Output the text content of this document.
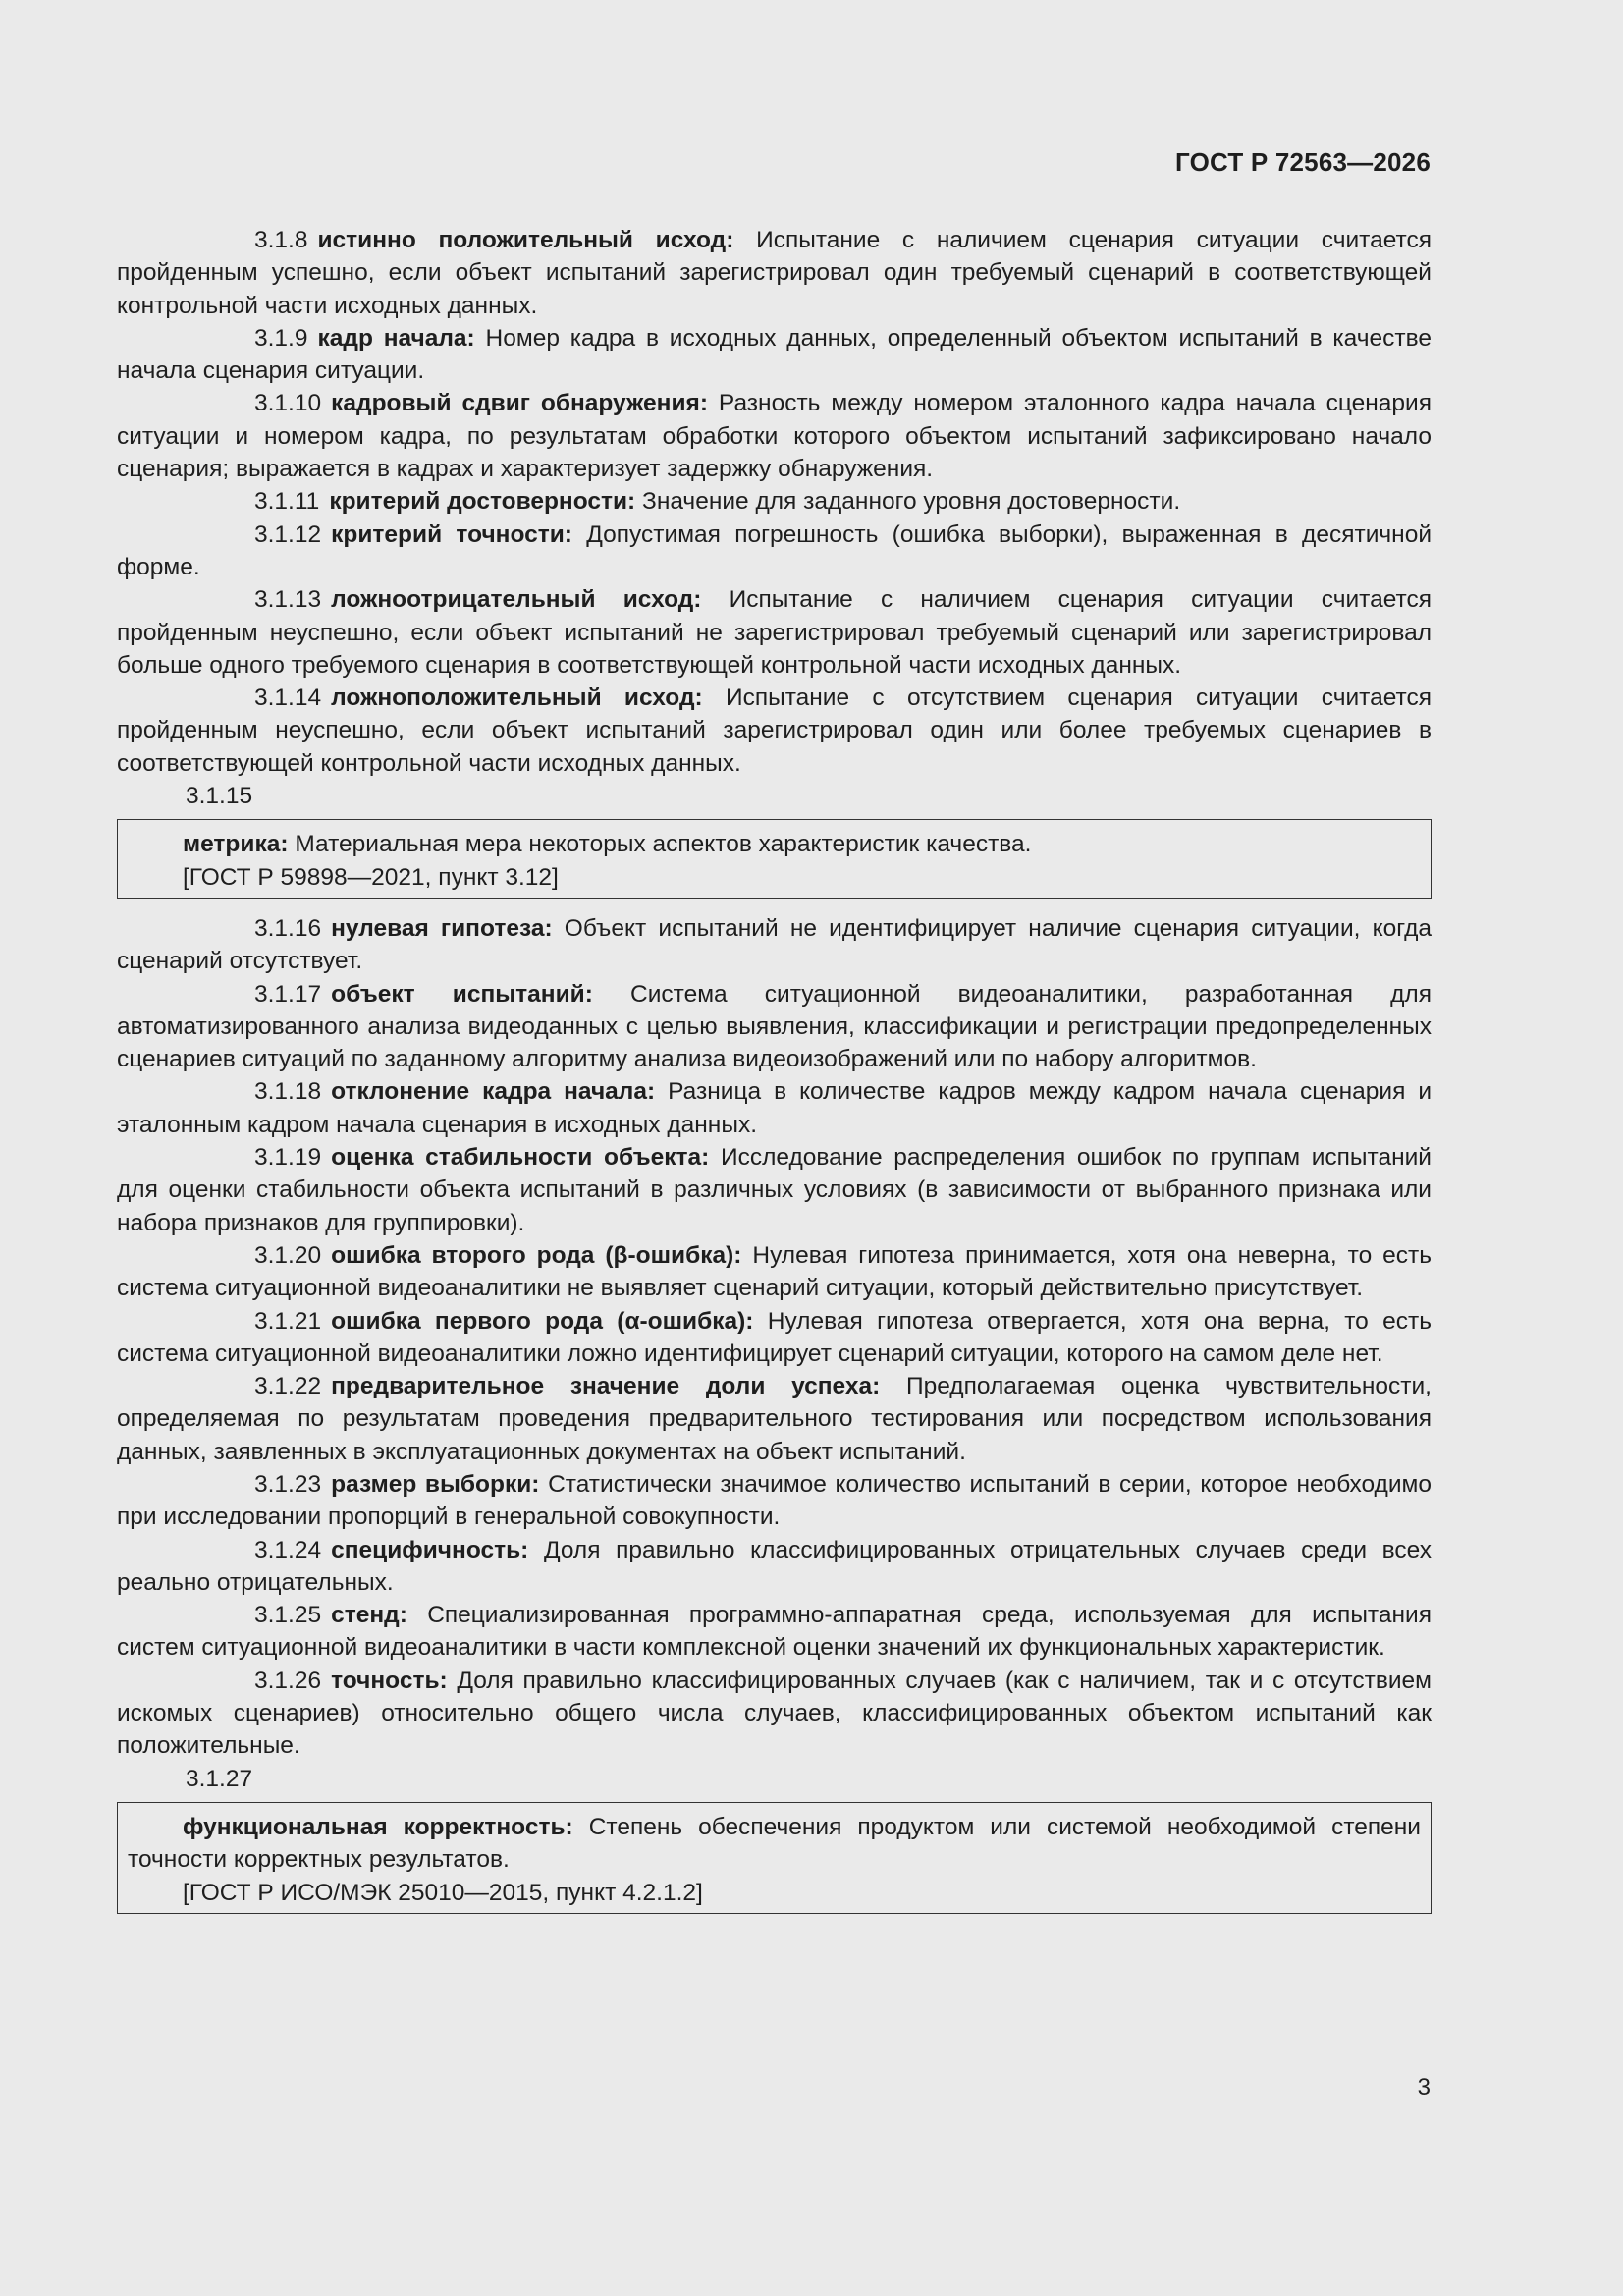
ГОСТ Р 72563—2026

3.1.8 истинно положительный исход: Испытание с наличием сценария ситуации считается пройденным успешно, если объект испытаний зарегистрировал один требуемый сценарий в соответствующей контрольной части исходных данных.

3.1.9 кадр начала: Номер кадра в исходных данных, определенный объектом испытаний в качестве начала сценария ситуации.

3.1.10 кадровый сдвиг обнаружения: Разность между номером эталонного кадра начала сценария ситуации и номером кадра, по результатам обработки которого объектом испытаний зафиксировано начало сценария; выражается в кадрах и характеризует задержку обнаружения.

3.1.11 критерий достоверности: Значение для заданного уровня достоверности.

3.1.12 критерий точности: Допустимая погрешность (ошибка выборки), выраженная в десятичной форме.

3.1.13 ложноотрицательный исход: Испытание с наличием сценария ситуации считается пройденным неуспешно, если объект испытаний не зарегистрировал требуемый сценарий или зарегистрировал больше одного требуемого сценария в соответствующей контрольной части исходных данных.

3.1.14 ложноположительный исход: Испытание с отсутствием сценария ситуации считается пройденным неуспешно, если объект испытаний зарегистрировал один или более требуемых сценариев в соответствующей контрольной части исходных данных.

3.1.15

метрика: Материальная мера некоторых аспектов характеристик качества.

[ГОСТ Р 59898—2021, пункт 3.12]

3.1.16 нулевая гипотеза: Объект испытаний не идентифицирует наличие сценария ситуации, когда сценарий отсутствует.

3.1.17 объект испытаний: Система ситуационной видеоаналитики, разработанная для автоматизированного анализа видеоданных с целью выявления, классификации и регистрации предопределенных сценариев ситуаций по заданному алгоритму анализа видеоизображений или по набору алгоритмов.

3.1.18 отклонение кадра начала: Разница в количестве кадров между кадром начала сценария и эталонным кадром начала сценария в исходных данных.

3.1.19 оценка стабильности объекта: Исследование распределения ошибок по группам испытаний для оценки стабильности объекта испытаний в различных условиях (в зависимости от выбранного признака или набора признаков для группировки).

3.1.20 ошибка второго рода (β-ошибка): Нулевая гипотеза принимается, хотя она неверна, то есть система ситуационной видеоаналитики не выявляет сценарий ситуации, который действительно присутствует.

3.1.21 ошибка первого рода (α-ошибка): Нулевая гипотеза отвергается, хотя она верна, то есть система ситуационной видеоаналитики ложно идентифицирует сценарий ситуации, которого на самом деле нет.

3.1.22 предварительное значение доли успеха: Предполагаемая оценка чувствительности, определяемая по результатам проведения предварительного тестирования или посредством использования данных, заявленных в эксплуатационных документах на объект испытаний.

3.1.23 размер выборки: Статистически значимое количество испытаний в серии, которое необходимо при исследовании пропорций в генеральной совокупности.

3.1.24 специфичность: Доля правильно классифицированных отрицательных случаев среди всех реально отрицательных.

3.1.25 стенд: Специализированная программно-аппаратная среда, используемая для испытания систем ситуационной видеоаналитики в части комплексной оценки значений их функциональных характеристик.

3.1.26 точность: Доля правильно классифицированных случаев (как с наличием, так и с отсутствием искомых сценариев) относительно общего числа случаев, классифицированных объектом испытаний как положительные.

3.1.27

функциональная корректность: Степень обеспечения продуктом или системой необходимой степени точности корректных результатов.

[ГОСТ Р ИСО/МЭК 25010—2015, пункт 4.2.1.2]

3
